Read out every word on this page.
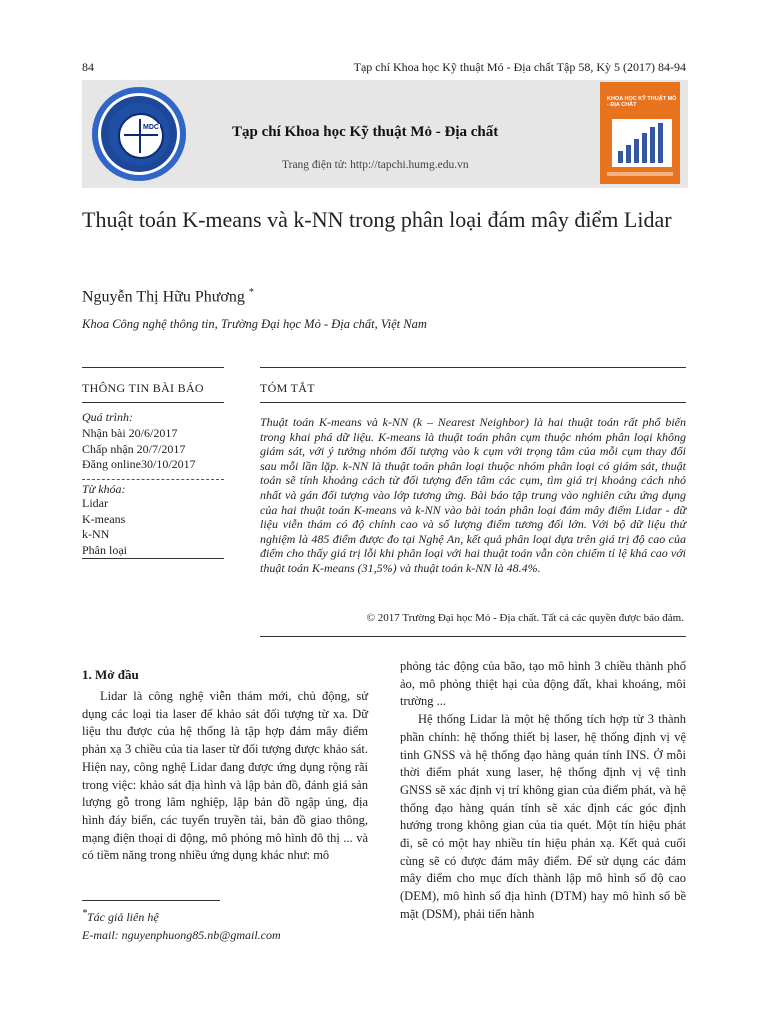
84	Tạp chí Khoa học Kỹ thuật Mỏ - Địa chất Tập 58, Kỳ 5 (2017) 84-94
MDC	Tạp chí Khoa học Kỹ thuật Mỏ - Địa chất
Trang điện tử: http://tapchi.humg.edu.vn
KHOA HỌC KỸ THUẬT MỎ - ĐỊA CHẤT
Thuật toán K-means và k-NN trong phân loại đám mây điểm Lidar
Nguyễn Thị Hữu Phương *
Khoa Công nghệ thông tin, Trường Đại học Mỏ - Địa chất, Việt Nam
THÔNG TIN BÀI BÁO
Quá trình:
Nhận bài 20/6/2017
Chấp nhận 20/7/2017
Đăng online30/10/2017
Từ khóa:
Lidar
K-means
k-NN
Phân loại
TÓM TẮT
Thuật toán K-means và k-NN (k – Nearest Neighbor) là hai thuật toán rất phổ biến trong khai phá dữ liệu. K-means là thuật toán phân cụm thuộc nhóm phân loại không giám sát, với ý tưởng nhóm đối tượng vào k cụm với trọng tâm của mỗi cụm thay đổi sau mỗi lần lặp. k-NN là thuật toán phân loại thuộc nhóm phân loại có giám sát, thuật toán sẽ tính khoảng cách từ đối tượng đến tâm các cụm, tìm giá trị khoảng cách nhỏ nhất và gán đối tượng vào lớp tương ứng. Bài báo tập trung vào nghiên cứu ứng dụng của hai thuật toán K-means và k-NN vào bài toán phân loại đám mây điểm Lidar - dữ liệu viễn thám có độ chính cao và số lượng điểm tương đối lớn. Với bộ dữ liệu thử nghiệm là 485 điểm được đo tại Nghệ An, kết quả phân loại dựa trên giá trị độ cao của điểm cho thấy giá trị lỗi khi phân loại với hai thuật toán vẫn còn chiếm tỉ lệ khá cao với thuật toán K-means (31,5%) và thuật toán k-NN là 48.4%.
© 2017 Trường Đại học Mỏ - Địa chất. Tất cả các quyền được bảo đảm.
1. Mở đầu
Lidar là công nghệ viễn thám mới, chủ động, sử dụng các loại tia laser để khảo sát đối tượng từ xa. Dữ liệu thu được của hệ thống là tập hợp đám mây điểm phản xạ 3 chiều của tia laser từ đối tượng được khảo sát. Hiện nay, công nghệ Lidar đang được ứng dụng rộng rãi trong việc: khảo sát địa hình và lập bản đồ, đánh giá sản lượng gỗ trong lâm nghiệp, lập bản đồ ngập úng, địa hình đáy biển, các tuyến truyền tải, bản đồ giao thông, mạng điện thoại di động, mô phỏng mô hình đô thị ... và có tiềm năng trong nhiều ứng dụng khác như: mô
phỏng tác động của bão, tạo mô hình 3 chiều thành phố ảo, mô phỏng thiệt hại của động đất, khai khoáng, môi trường ...
Hệ thống Lidar là một hệ thống tích hợp từ 3 thành phần chính: hệ thống thiết bị laser, hệ thống định vị vệ tinh GNSS và hệ thống đạo hàng quán tính INS. Ở mỗi thời điểm phát xung laser, hệ thống định vị vệ tinh GNSS sẽ xác định vị trí không gian của điểm phát, và hệ thống đạo hàng quán tính sẽ xác định các góc định hướng trong không gian của tia quét. Một tín hiệu phát đi, sẽ có một hay nhiều tín hiệu phản xạ. Kết quả cuối cùng sẽ có được đám mây điểm. Để sử dụng các đám mây điểm cho mục đích thành lập mô hình số độ cao (DEM), mô hình số địa hình (DTM) hay mô hình số bề mặt (DSM), phải tiến hành
*Tác giả liên hệ
E-mail: nguyenphuong85.nb@gmail.com
